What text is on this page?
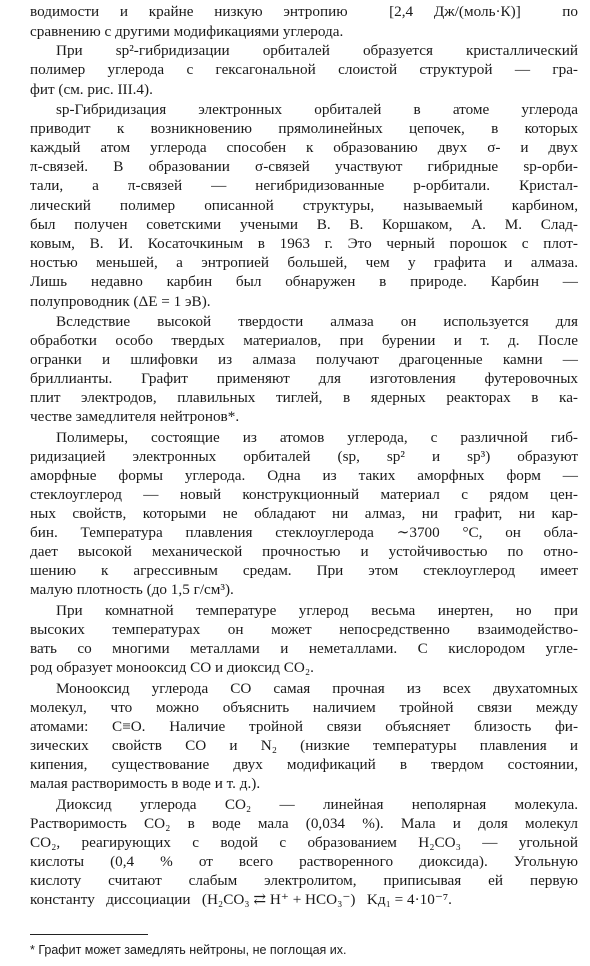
водимости и крайне низкую энтропию  [2,4 Дж/(моль·К)]  по
сравнению с другими модификациями углерода.
При sp²-гибридизации орбиталей образуется кристаллический
полимер углерода с гексагональной слоистой структурой — гра-
фит (см. рис. III.4).
sp-Гибридизация электронных орбиталей в атоме углерода
приводит к возникновению прямолинейных цепочек, в которых
каждый атом углерода способен к образованию двух σ- и двух
π-связей. В образовании σ-связей участвуют гибридные sp-орби-
тали, а π-связей — негибридизованные p-орбитали. Кристал-
лический полимер описанной структуры, называемый карбином,
был получен советскими учеными В. В. Коршаком, А. М. Слад-
ковым, В. И. Косаточкиным в 1963 г. Это черный порошок с плот-
ностью меньшей, а энтропией большей, чем у графита и алмаза.
Лишь недавно карбин был обнаружен в природе. Карбин —
полупроводник (ΔE = 1 эВ).
Вследствие высокой твердости алмаза он используется для
обработки особо твердых материалов, при бурении и т. д. После
огранки и шлифовки из алмаза получают драгоценные камни —
бриллианты. Графит применяют для изготовления футеровочных
плит электродов, плавильных тиглей, в ядерных реакторах в ка-
честве замедлителя нейтронов*.
Полимеры, состоящие из атомов углерода, с различной гиб-
ридизацией электронных орбиталей (sp, sp² и sp³) образуют
аморфные формы углерода. Одна из таких аморфных форм —
стеклоуглерод — новый конструкционный материал с рядом цен-
ных свойств, которыми не обладают ни алмаз, ни графит, ни кар-
бин. Температура плавления стеклоуглерода ∼3700 °С, он обла-
дает высокой механической прочностью и устойчивостью по отно-
шению к агрессивным средам. При этом стеклоуглерод имеет
малую плотность (до 1,5 г/см³).
При комнатной температуре углерод весьма инертен, но при
высоких температурах он может непосредственно взаимодейство-
вать со многими металлами и неметаллами. С кислородом угле-
род образует монооксид СО и диоксид СО₂.
Монооксид углерода СО самая прочная из всех двухатомных
молекул, что можно объяснить наличием тройной связи между
атомами: С≡О. Наличие тройной связи объясняет близость фи-
зических свойств СО и N₂ (низкие температуры плавления и
кипения, существование двух модификаций в твердом состоянии,
малая растворимость в воде и т. д.).
Диоксид углерода СО₂ — линейная неполярная молекула.
Растворимость СО₂ в воде мала (0,034 %). Мала и доля молекул
СО₂, реагирующих с водой с образованием Н₂СО₃ — угольной
кислоты (0,4 % от всего растворенного диоксида). Угольную
кислоту считают слабым электролитом, приписывая ей первую
константу   диссоциации   (Н₂СО₃ ⇄ Н⁺ + НСО₃⁻)   Kд₁ = 4·10⁻⁷.
* Графит может замедлять нейтроны, не поглощая их.
